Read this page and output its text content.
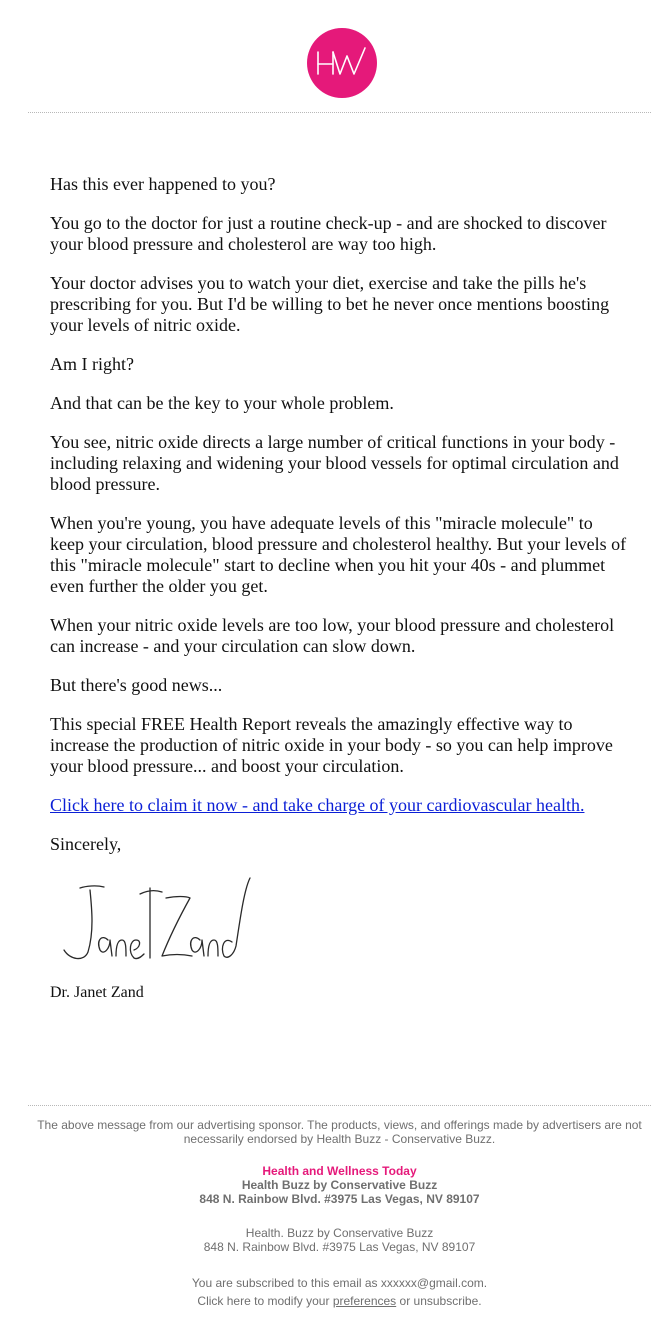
Has this ever happened to you?

You go to the doctor for just a routine check-up - and are shocked to discover your blood pressure and cholesterol are way too high.

Your doctor advises you to watch your diet, exercise and take the pills he's prescribing for you. But I'd be willing to bet he never once mentions boosting your levels of nitric oxide.

Am I right?

And that can be the key to your whole problem.

You see, nitric oxide directs a large number of critical functions in your body - including relaxing and widening your blood vessels for optimal circulation and blood pressure.

When you're young, you have adequate levels of this "miracle molecule" to keep your circulation, blood pressure and cholesterol healthy. But your levels of this "miracle molecule" start to decline when you hit your 40s - and plummet even further the older you get.

When your nitric oxide levels are too low, your blood pressure and cholesterol can increase - and your circulation can slow down.

But there's good news...

This special FREE Health Report reveals the amazingly effective way to increase the production of nitric oxide in your body - so you can help improve your blood pressure... and boost your circulation.

Click here to claim it now - and take charge of your cardiovascular health.

Sincerely,

Dr. Janet Zand

The above message from our advertising sponsor. The products, views, and offerings made by advertisers are not necessarily endorsed by Health Buzz - Conservative Buzz.

Health and Wellness Today

Health Buzz by Conservative Buzz

848 N. Rainbow Blvd. #3975 Las Vegas, NV 89107

Health. Buzz by Conservative Buzz

848 N. Rainbow Blvd. #3975 Las Vegas, NV 89107

You are subscribed to this email as xxxxxx@gmail.com.

Click here to modify your preferences or unsubscribe.
